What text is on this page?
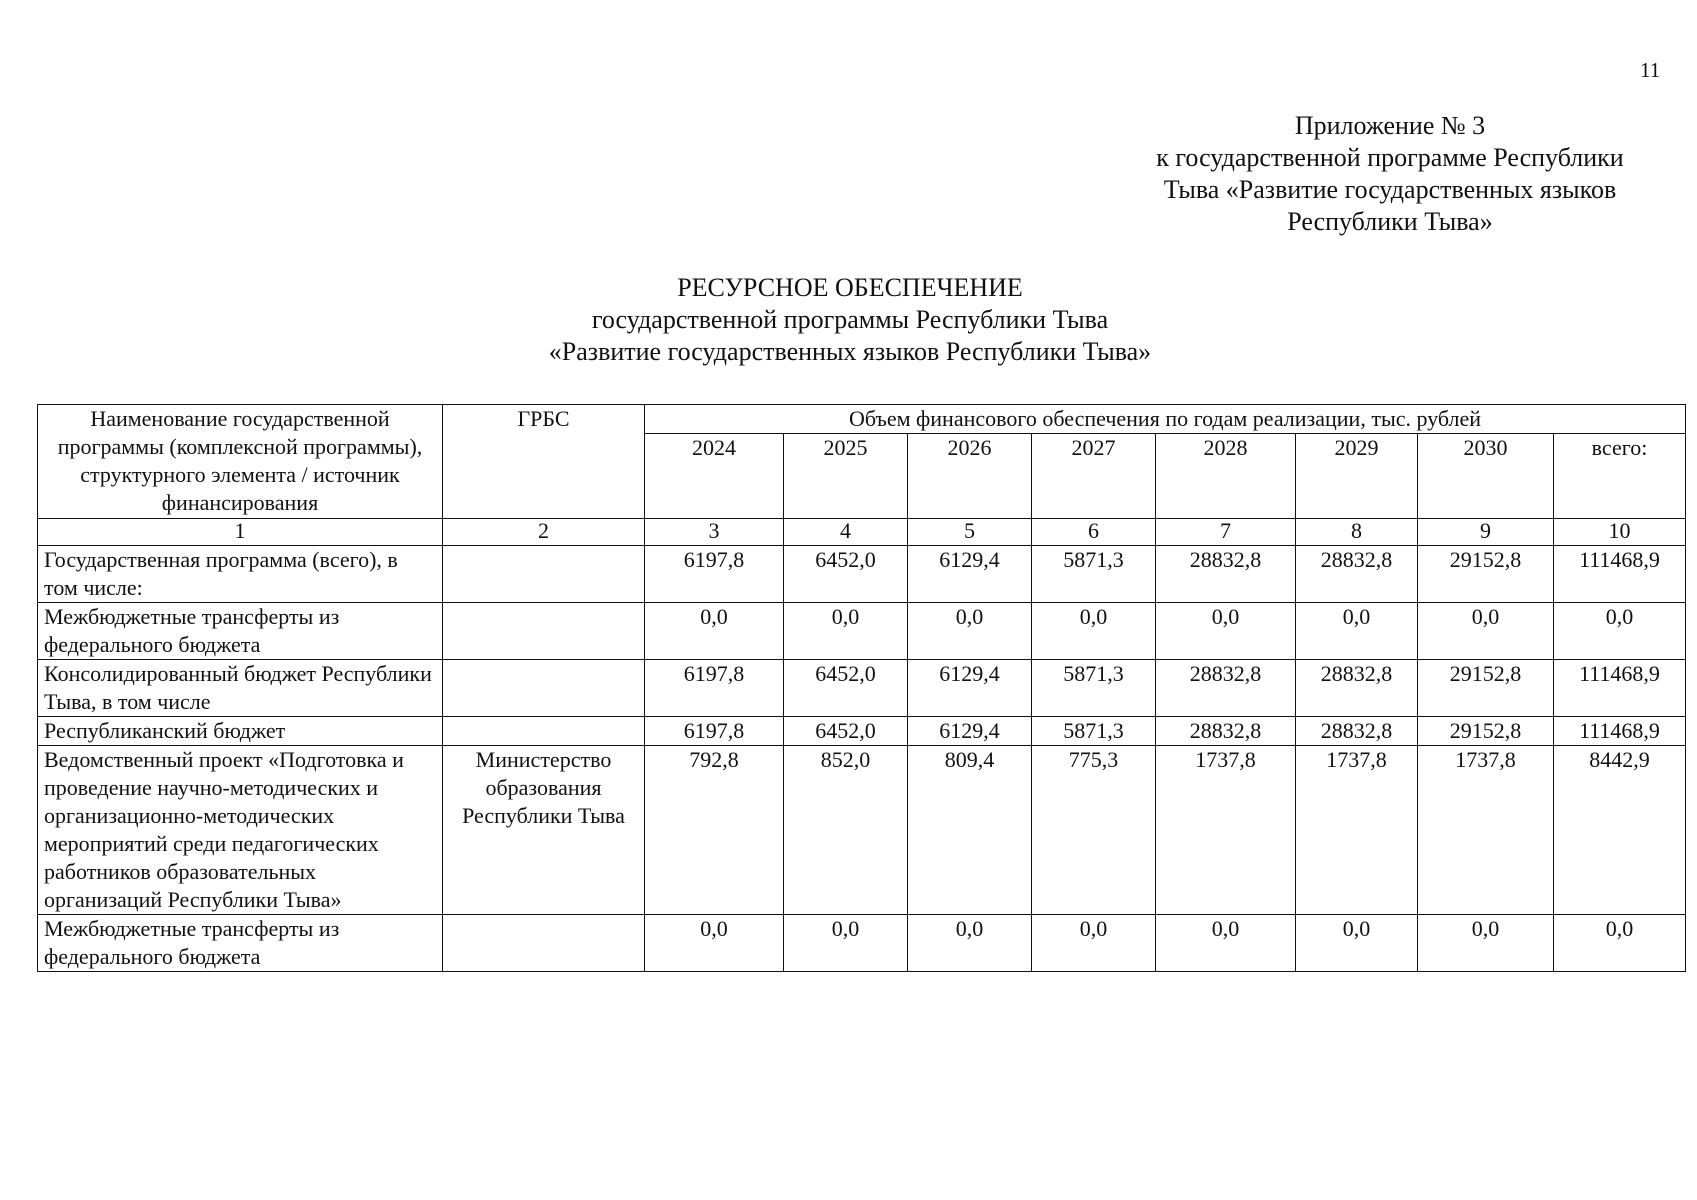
11
Приложение № 3
к государственной программе Республики
Тыва «Развитие государственных языков
Республики Тыва»
РЕСУРСНОЕ ОБЕСПЕЧЕНИЕ
государственной программы Республики Тыва
«Развитие государственных языков Республики Тыва»
Наименование государственной программы (комплексной программы), структурного элемента / источник финансирования	ГРБС	Объем финансового обеспечения по годам реализации, тыс. рублей							
		2024	2025	2026	2027	2028	2029	2030	всего:
1	2	3	4	5	6	7	8	9	10
Государственная программа (всего), в том числе:		6197,8	6452,0	6129,4	5871,3	28832,8	28832,8	29152,8	111468,9
Межбюджетные трансферты из федерального бюджета		0,0	0,0	0,0	0,0	0,0	0,0	0,0	0,0
Консолидированный бюджет Республики Тыва, в том числе		6197,8	6452,0	6129,4	5871,3	28832,8	28832,8	29152,8	111468,9
Республиканский бюджет		6197,8	6452,0	6129,4	5871,3	28832,8	28832,8	29152,8	111468,9
Ведомственный проект «Подготовка и проведение научно-методических и организационно-методических мероприятий среди педагогических работников образовательных организаций Республики Тыва»	Министерство образования Республики Тыва	792,8	852,0	809,4	775,3	1737,8	1737,8	1737,8	8442,9
Межбюджетные трансферты из федерального бюджета		0,0	0,0	0,0	0,0	0,0	0,0	0,0	0,0
